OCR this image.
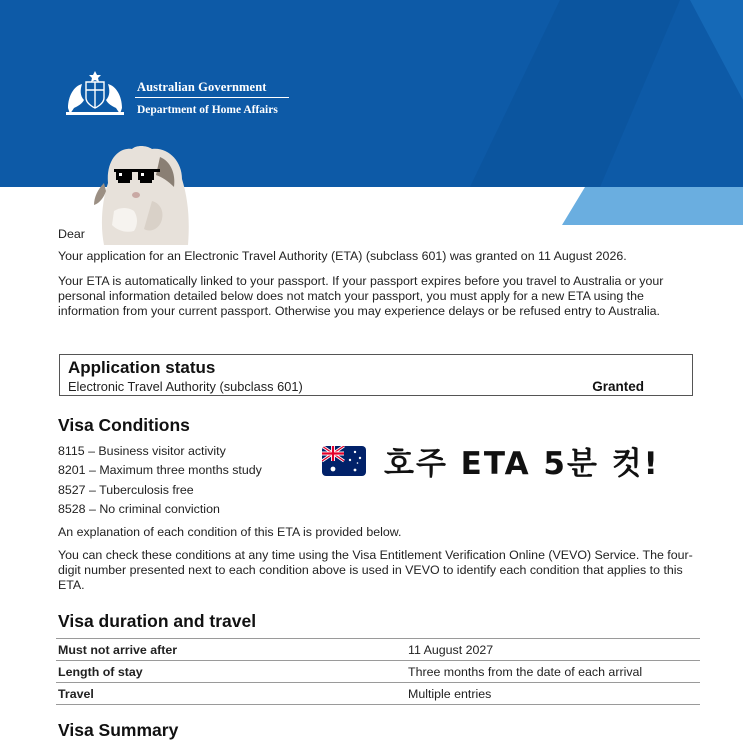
Australian Government
Department of Home Affairs

Dear

Your application for an Electronic Travel Authority (ETA) (subclass 601) was granted on 11 August 2026.

Your ETA is automatically linked to your passport. If your passport expires before you travel to Australia or your personal information detailed below does not match your passport, you must apply for a new ETA using the information from your current passport. Otherwise you may experience delays or be refused entry to Australia.

Application status
Electronic Travel Authority (subclass 601)	Granted
Visa Conditions
8115 – Business visitor activity
8201 – Maximum three months study
8527 – Tuberculosis free
8528 – No criminal conviction
호주 ETA 5분 컷!

An explanation of each condition of this ETA is provided below.

You can check these conditions at any time using the Visa Entitlement Verification Online (VEVO) Service. The four-digit number presented next to each condition above is used in VEVO to identify each condition that applies to this ETA.

Visa duration and travel
Must not arrive after	11 August 2027
Length of stay	Three months from the date of each arrival
Travel	Multiple entries
Visa Summary
